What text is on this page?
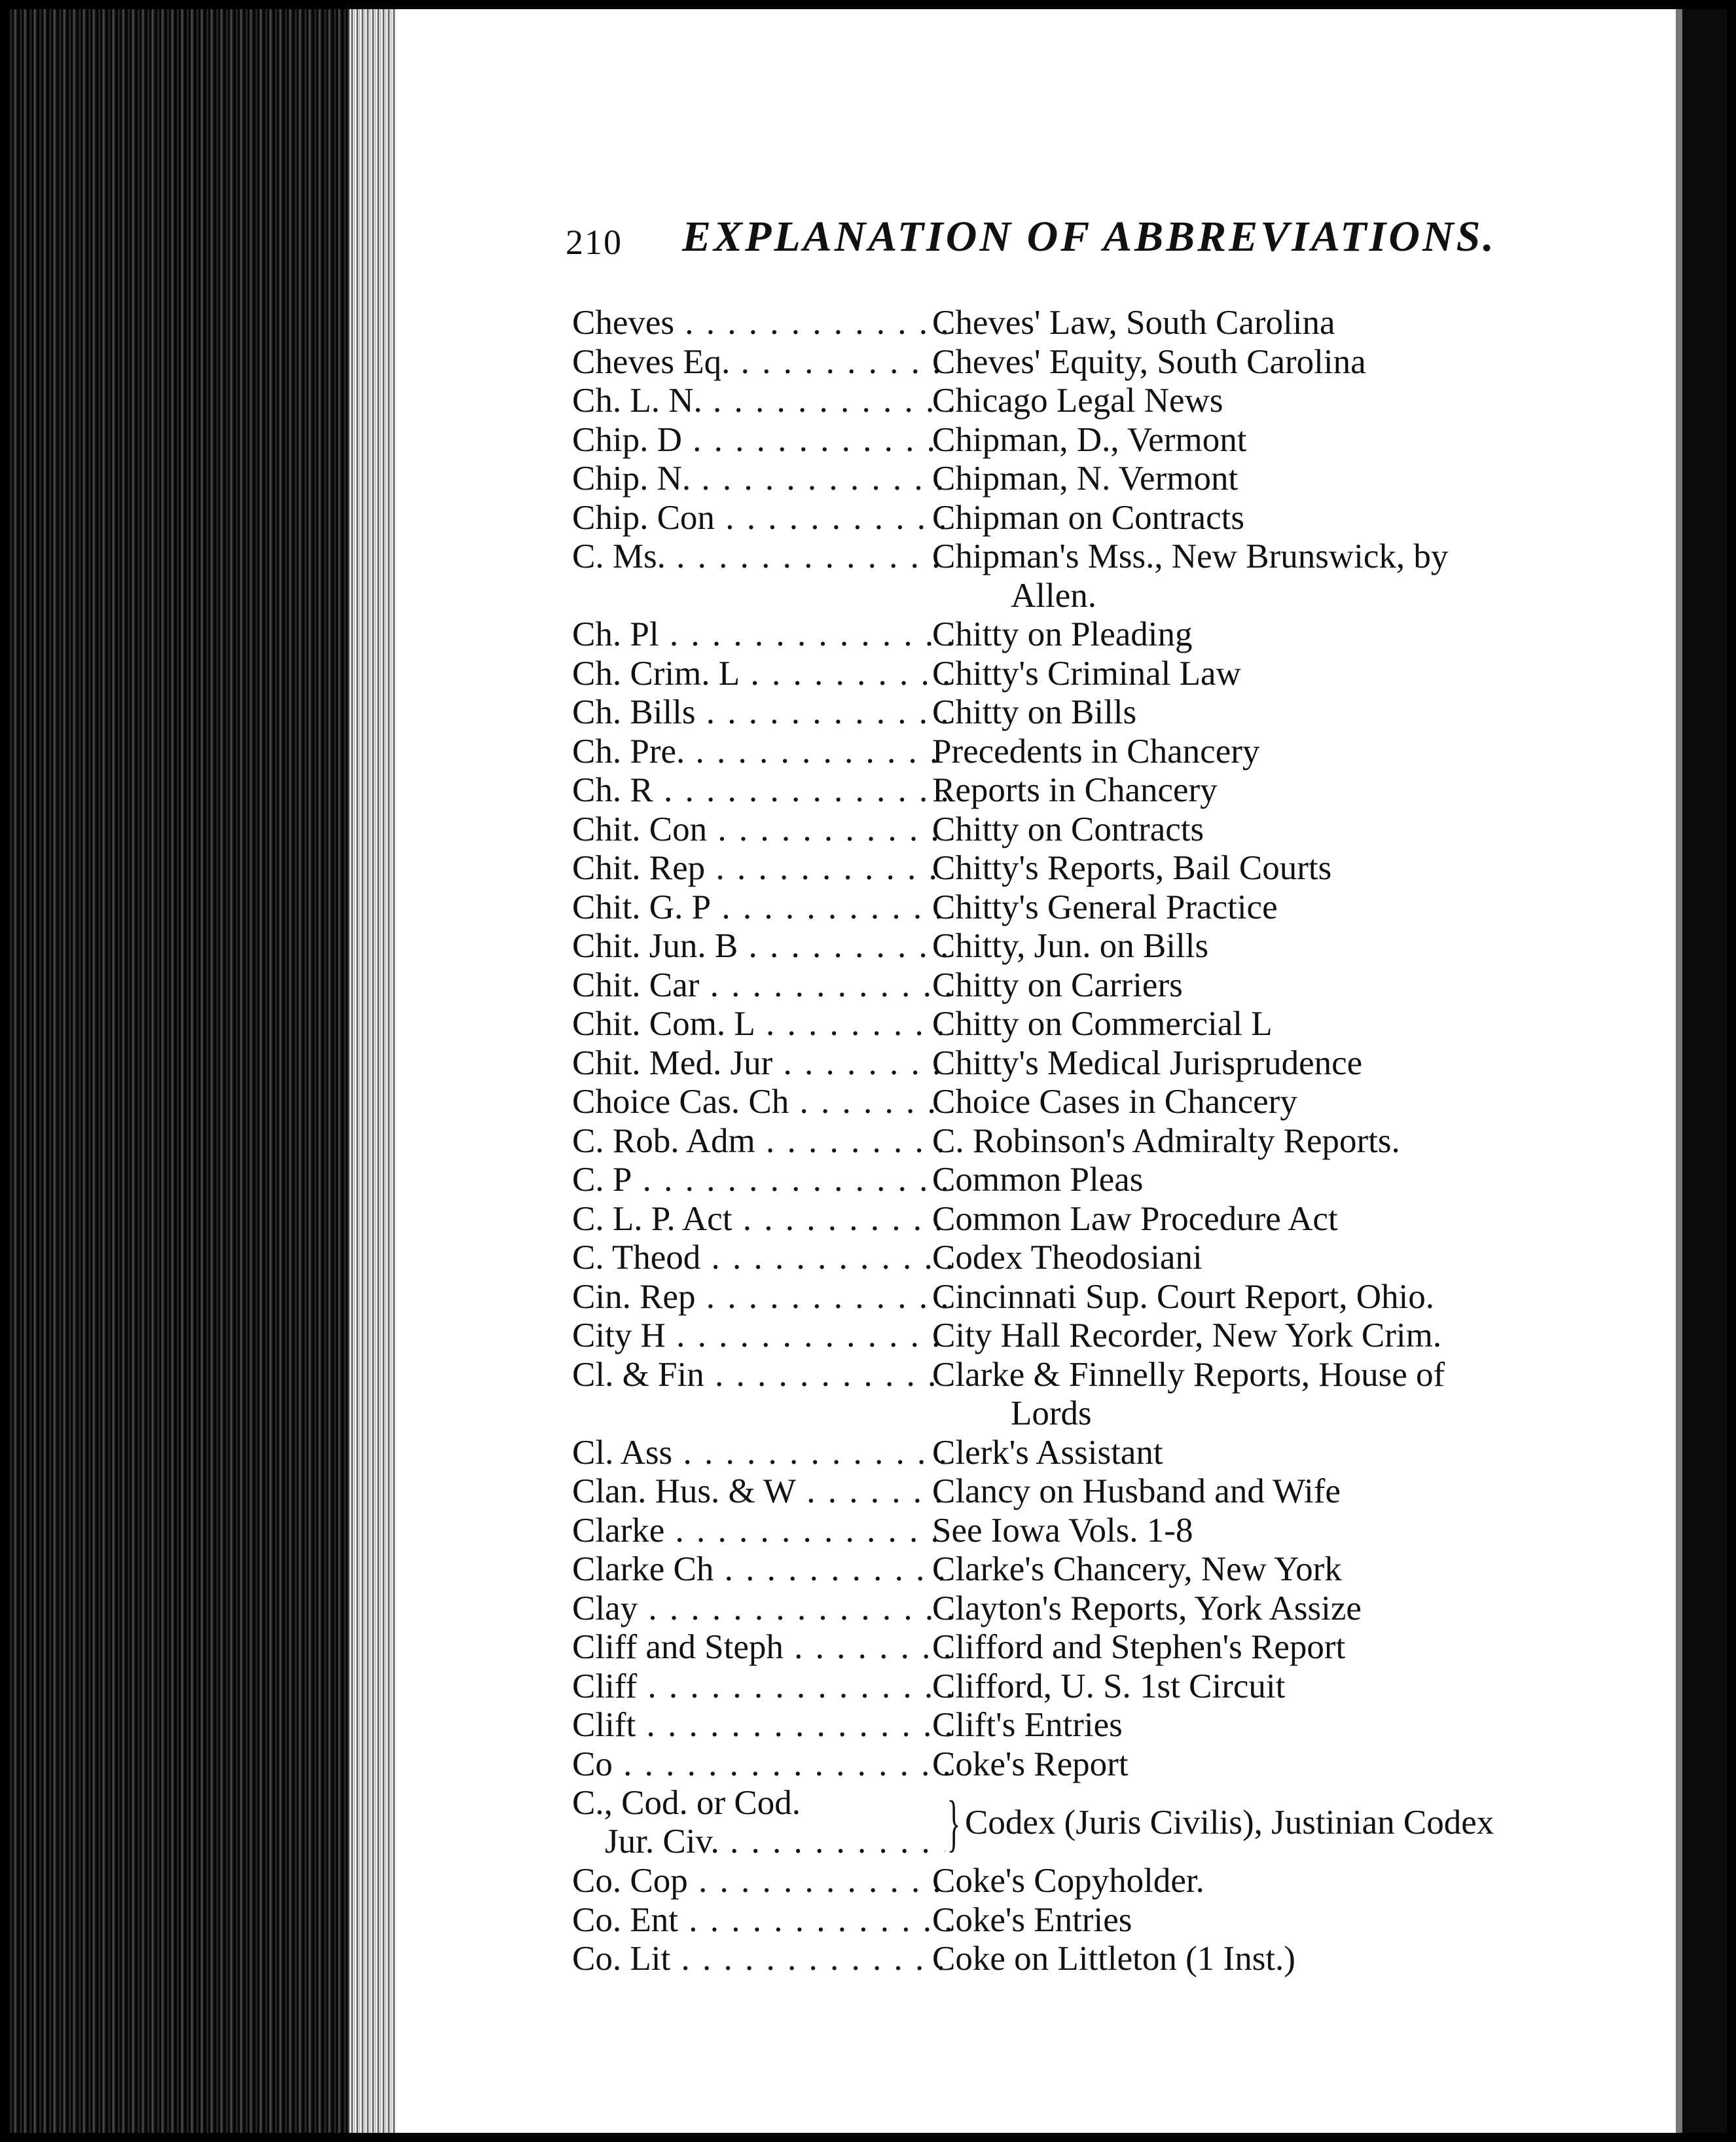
210 EXPLANATION OF ABBREVIATIONS.
Cheves . . .	Cheves' Law, South Carolina
Cheves Eq. . . .	Cheves' Equity, South Carolina
Ch. L. N. . . .	Chicago Legal News
Chip. D . . .	Chipman, D., Vermont
Chip. N. . . .	Chipman, N. Vermont
Chip. Con . . .	Chipman on Contracts
C. Ms. . . .	Chipman's Mss., New Brunswick, by
Allen.
Ch. Pl . . .	Chitty on Pleading
Ch. Crim. L . . .	Chitty's Criminal Law
Ch. Bills . . .	Chitty on Bills
Ch. Pre. . . .	Precedents in Chancery
Ch. R . . .	Reports in Chancery
Chit. Con . . .	Chitty on Contracts
Chit. Rep . . .	Chitty's Reports, Bail Courts
Chit. G. P . . .	Chitty's General Practice
Chit. Jun. B . . .	Chitty, Jun. on Bills
Chit. Car . . .	Chitty on Carriers
Chit. Com. L . . .	Chitty on Commercial L
Chit. Med. Jur . . .	Chitty's Medical Jurisprudence
Choice Cas. Ch . . .	Choice Cases in Chancery
C. Rob. Adm . . .	C. Robinson's Admiralty Reports.
C. P . . .	Common Pleas
C. L. P. Act . . .	Common Law Procedure Act
C. Theod . . .	Codex Theodosiani
Cin. Rep . . .	Cincinnati Sup. Court Report, Ohio.
City H . . .	City Hall Recorder, New York Crim.
Cl. & Fin . . .	Clarke & Finnelly Reports, House of
Lords
Cl. Ass . . .	Clerk's Assistant
Clan. Hus. & W . . .	Clancy on Husband and Wife
Clarke . . .	See Iowa Vols. 1-8
Clarke Ch . . .	Clarke's Chancery, New York
Clay . . .	Clayton's Reports, York Assize
Cliff and Steph . . .	Clifford and Stephen's Report
Cliff . . .	Clifford, U. S. 1st Circuit
Clift . . .	Clift's Entries
Co . . .	Coke's Report
C., Cod. or Cod.
Jur. Civ. . . .	} Codex (Juris Civilis), Justinian Codex
Co. Cop . . .	Coke's Copyholder.
Co. Ent . . .	Coke's Entries
Co. Lit . . .	Coke on Littleton (1 Inst.)
